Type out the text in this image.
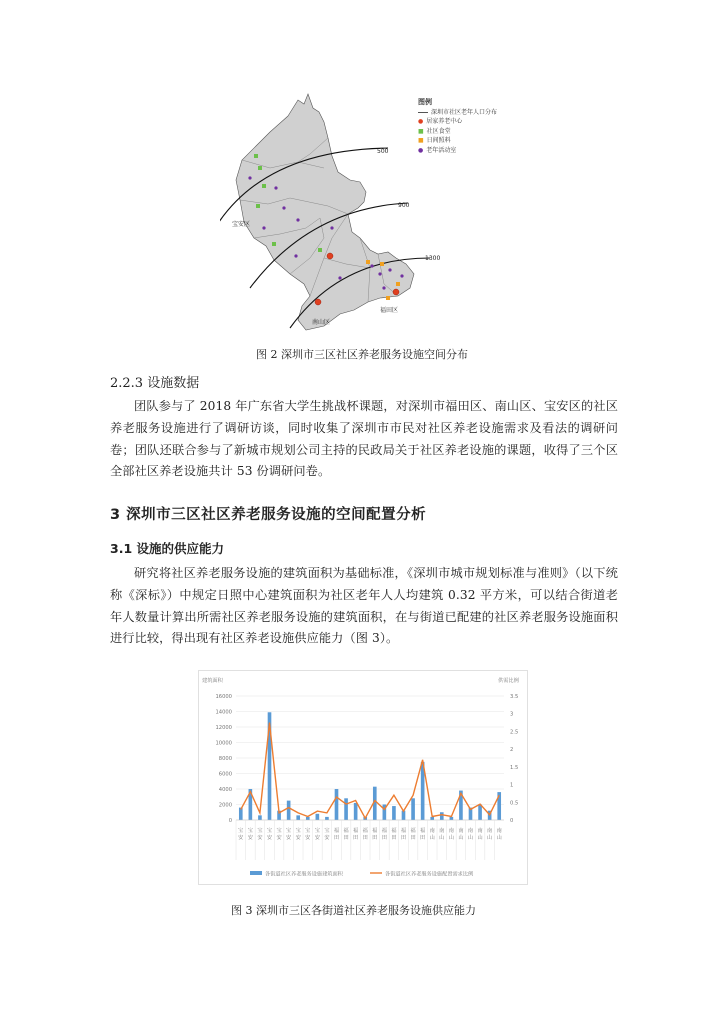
500
900
1300
宝安区
南山区
福田区
图例
深圳市社区老年人口分布
● 居家养老中心
■ 社区食堂
■ 日间照料
● 老年活动室
图 2 深圳市三区社区养老服务设施空间分布
2.2.3 设施数据
团队参与了 2018 年广东省大学生挑战杯课题，对深圳市福田区、南山区、宝安区的社区养老服务设施进行了调研访谈，同时收集了深圳市市民对社区养老设施需求及看法的调研问卷；团队还联合参与了新城市规划公司主持的民政局关于社区养老设施的课题，收得了三个区全部社区养老设施共计 53 份调研问卷。
3 深圳市三区社区养老服务设施的空间配置分析
3.1 设施的供应能力
研究将社区养老服务设施的建筑面积为基础标准，《深圳市城市规划标准与准则》（以下统称《深标》）中规定日照中心建筑面积为社区老年人人均建筑 0.32 平方米，可以结合街道老年人数量计算出所需社区养老服务设施的建筑面积，在与街道已配建的社区养老服务设施面积进行比较，得出现有社区养老设施供应能力（图 3）。
建筑面积	供需比例
0
2000
4000
6000
8000
10000
12000
14000
16000
0
0.5
1
1.5
2
2.5
3
3.5
宝安
宝安
宝安
宝安
宝安
宝安
宝安
宝安
宝安
宝安
福田
福田
福田
福田
福田
福田
福田
福田
福田
福田
南山
南山
南山
南山
南山
南山
南山
南山
各街道社区养老服务设施建筑面积	各街道社区养老服务设施配置需求比例
图 3 深圳市三区各街道社区养老服务设施供应能力
